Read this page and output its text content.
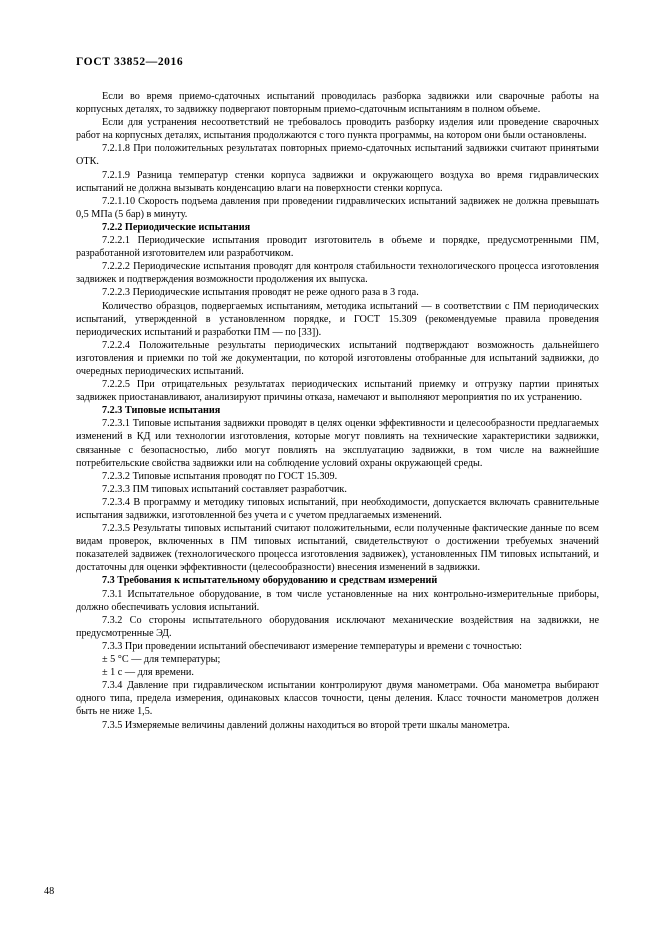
ГОСТ 33852—2016

Если во время приемо-сдаточных испытаний проводилась разборка задвижки или сварочные работы на корпусных деталях, то задвижку подвергают повторным приемо-сдаточным испытаниям в полном объеме.

Если для устранения несоответствий не требовалось проводить разборку изделия или проведение сварочных работ на корпусных деталях, испытания продолжаются с того пункта программы, на котором они были остановлены.

7.2.1.8 При положительных результатах повторных приемо-сдаточных испытаний задвижки считают принятыми ОТК.

7.2.1.9 Разница температур стенки корпуса задвижки и окружающего воздуха во время гидравлических испытаний не должна вызывать конденсацию влаги на поверхности стенки корпуса.

7.2.1.10 Скорость подъема давления при проведении гидравлических испытаний задвижек не должна превышать 0,5 МПа (5 бар) в минуту.

7.2.2 Периодические испытания

7.2.2.1 Периодические испытания проводит изготовитель в объеме и порядке, предусмотренными ПМ, разработанной изготовителем или разработчиком.

7.2.2.2 Периодические испытания проводят для контроля стабильности технологического процесса изготовления задвижек и подтверждения возможности продолжения их выпуска.

7.2.2.3 Периодические испытания проводят не реже одного раза в 3 года.

Количество образцов, подвергаемых испытаниям, методика испытаний — в соответствии с ПМ периодических испытаний, утвержденной в установленном порядке, и ГОСТ 15.309 (рекомендуемые правила проведения периодических испытаний и разработки ПМ — по [33]).

7.2.2.4 Положительные результаты периодических испытаний подтверждают возможность дальнейшего изготовления и приемки по той же документации, по которой изготовлены отобранные для испытаний задвижки, до очередных периодических испытаний.

7.2.2.5 При отрицательных результатах периодических испытаний приемку и отгрузку партии принятых задвижек приостанавливают, анализируют причины отказа, намечают и выполняют мероприятия по их устранению.

7.2.3 Типовые испытания

7.2.3.1 Типовые испытания задвижки проводят в целях оценки эффективности и целесообразности предлагаемых изменений в КД или технологии изготовления, которые могут повлиять на технические характеристики задвижки, связанные с безопасностью, либо могут повлиять на эксплуатацию задвижки, в том числе на важнейшие потребительские свойства задвижки или на соблюдение условий охраны окружающей среды.

7.2.3.2 Типовые испытания проводят по ГОСТ 15.309.

7.2.3.3 ПМ типовых испытаний составляет разработчик.

7.2.3.4 В программу и методику типовых испытаний, при необходимости, допускается включать сравнительные испытания задвижки, изготовленной без учета и с учетом предлагаемых изменений.

7.2.3.5 Результаты типовых испытаний считают положительными, если полученные фактические данные по всем видам проверок, включенных в ПМ типовых испытаний, свидетельствуют о достижении требуемых значений показателей задвижек (технологического процесса изготовления задвижек), установленных ПМ типовых испытаний, и достаточны для оценки эффективности (целесообразности) внесения изменений в задвижки.

7.3 Требования к испытательному оборудованию и средствам измерений

7.3.1 Испытательное оборудование, в том числе установленные на них контрольно-измерительные приборы, должно обеспечивать условия испытаний.

7.3.2 Со стороны испытательного оборудования исключают механические воздействия на задвижки, не предусмотренные ЭД.

7.3.3 При проведении испытаний обеспечивают измерение температуры и времени с точностью:

± 5 °С — для температуры;

± 1 с — для времени.

7.3.4 Давление при гидравлическом испытании контролируют двумя манометрами. Оба манометра выбирают одного типа, предела измерения, одинаковых классов точности, цены деления. Класс точности манометров должен быть не ниже 1,5.

7.3.5 Измеряемые величины давлений должны находиться во второй трети шкалы манометра.

48
